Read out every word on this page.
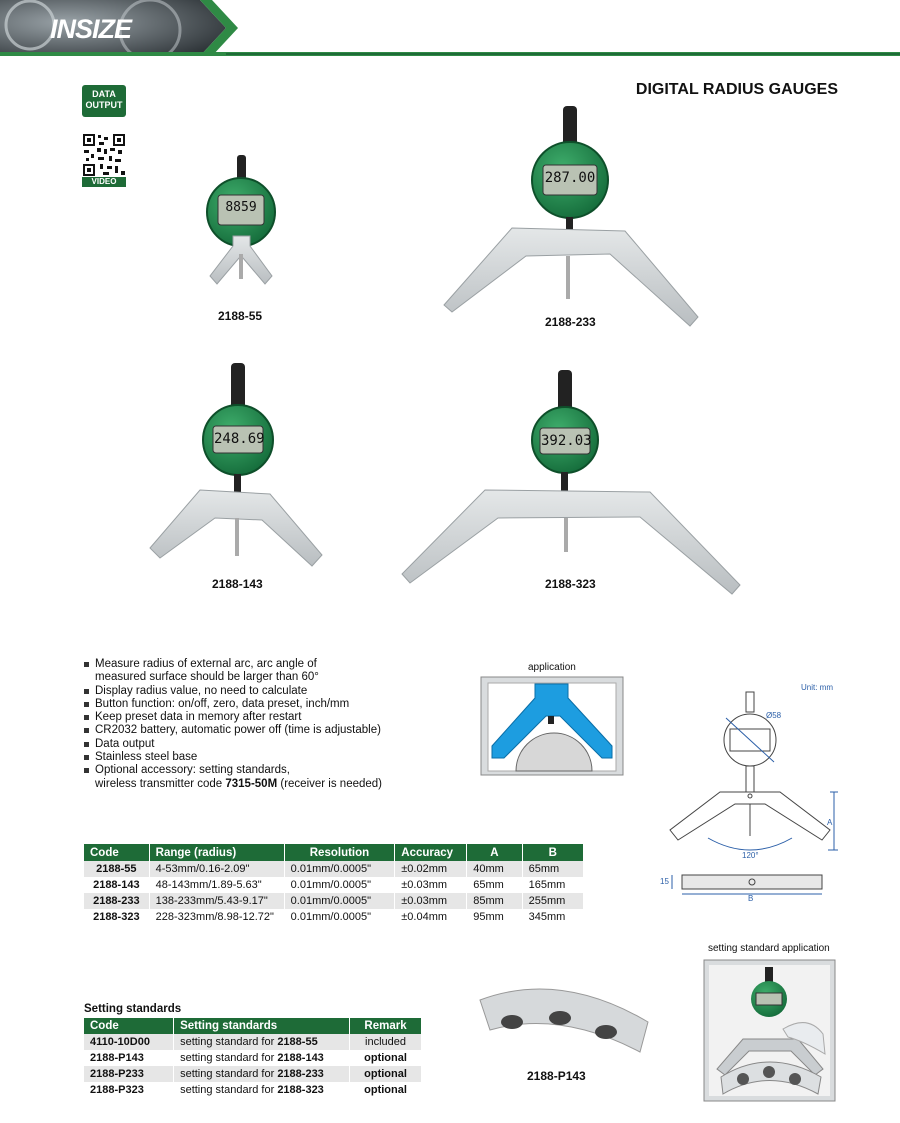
INSIZE
DIGITAL RADIUS GAUGES
DATA
OUTPUT
VIDEO
8859
287.00
248.69	392.03
2188-55	2188-233
2188-143	2188-323
Measure radius of external arc, arc angle of
measured surface should be larger than 60°
Display radius value, no need to calculate
Button function: on/off, zero, data preset, inch/mm
Keep preset data in memory after restart
CR2032 battery, automatic power off (time is adjustable)
Data output
Stainless steel base
Optional accessory: setting standards,
wireless transmitter code 7315-50M (receiver is needed)
application
Unit: mm
Ø58
120°
A
B
15
Code	Range (radius)	Resolution	Accuracy	A	B
2188-55	4-53mm/0.16-2.09"	0.01mm/0.0005"	±0.02mm	40mm	65mm
2188-143	48-143mm/1.89-5.63"	0.01mm/0.0005"	±0.03mm	65mm	165mm
2188-233	138-233mm/5.43-9.17"	0.01mm/0.0005"	±0.03mm	85mm	255mm
2188-323	228-323mm/8.98-12.72"	0.01mm/0.0005"	±0.04mm	95mm	345mm
Setting standards
Code	Setting standards	Remark
4110-10D00	setting standard for 2188-55	included
2188-P143	setting standard for 2188-143	optional
2188-P233	setting standard for 2188-233	optional
2188-P323	setting standard for 2188-323	optional
2188-P143
setting standard application
